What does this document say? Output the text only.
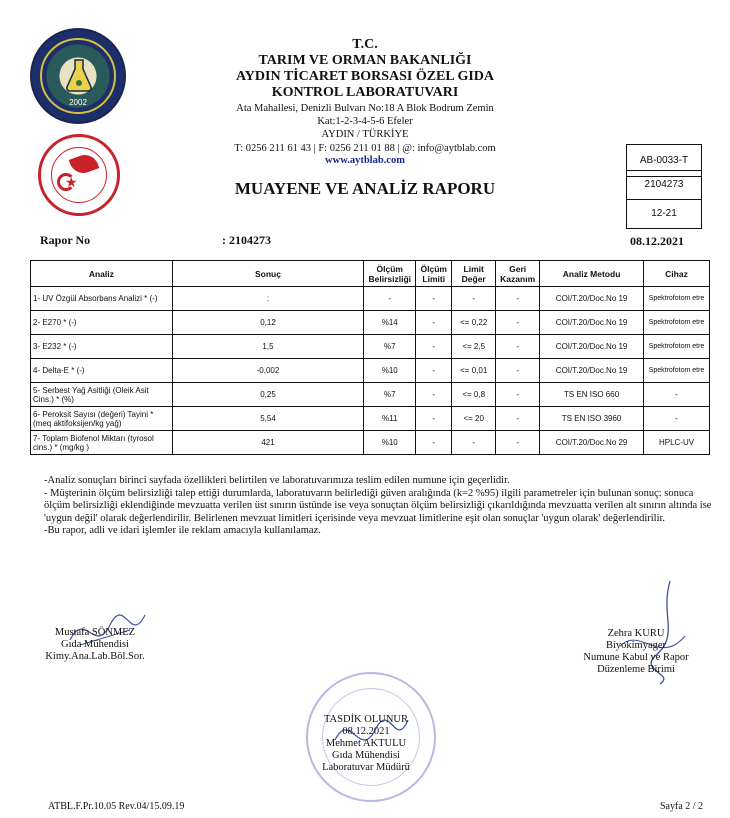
2002
★
T.C.
TARIM VE ORMAN BAKANLIĞI
AYDIN TİCARET BORSASI ÖZEL GIDA
KONTROL LABORATUVARI
Ata Mahallesi, Denizli Bulvarı No:18 A Blok Bodrum Zemin
Kat:1-2-3-4-5-6 Efeler
AYDIN / TÜRKİYE
T: 0256 211 61 43 | F: 0256 211 01 88 | @: info@aytblab.com
www.aytblab.com
MUAYENE VE ANALİZ RAPORU
AB-0033-T
2104273
12-21
Rapor No	: 2104273	08.12.2021
Analiz	Sonuç	Ölçüm Belirsizliği	Ölçüm Limiti	Limit Değer	Geri Kazanım	Analiz Metodu	Cihaz
1- UV Özgül Absorbans Analizi * (-)	:	-	-	-	-	COI/T.20/Doc.No 19	Spektrofotom etre
2- E270 * (-)	0,12	%14	-	<= 0,22	-	COI/T.20/Doc.No 19	Spektrofotom etre
3- E232 * (-)	1,5	%7	-	<= 2,5	-	COI/T.20/Doc.No 19	Spektrofotom etre
4- Delta-E * (-)	-0,002	%10	-	<= 0,01	-	COI/T.20/Doc.No 19	Spektrofotom etre
5- Serbest Yağ Asitliği (Oleik Asit Cins.) * (%)	0,25	%7	-	<= 0,8	-	TS EN ISO 660	-
6- Peroksit Sayısı (değeri) Tayini * (meq aktifoksijen/kg yağ)	5,54	%11	-	<= 20	-	TS EN ISO 3960	-
7- Toplam Biofenol Miktarı (tyrosol cins.) * (mg/kg )	421	%10	-	-	-	COI/T.20/Doc.No 29	HPLC-UV

-Analiz sonuçları birinci sayfada özellikleri belirtilen ve laboratuvarımıza teslim edilen numune için geçerlidir.

- Müşterinin ölçüm belirsizliği talep ettiği durumlarda, laboratuvarın belirlediği güven aralığında (k=2 %95) ilgili parametreler için bulunan sonuç: sonuca ölçüm belirsizliği eklendiğinde mevzuatta verilen üst sınırın üstünde ise veya sonuçtan ölçüm belirsizliği çıkarıldığında mevzuatta verilen alt sınırın altında ise 'uygun değil' olarak değerlendirilir. Belirlenen mevzuat limitleri içerisinde veya mevzuat limitlerine eşit olan sonuçlar 'uygun olarak' değerlendirilir.

-Bu rapor, adli ve idari işlemler ile reklam amacıyla kullanılamaz.

Mustafa SÖNMEZ
Gıda Mühendisi
Kimy.Ana.Lab.Böl.Sor.
Zehra KURU
Biyokimyager
Numune Kabul ve Rapor
Düzenleme Birimi
TASDİK OLUNUR
08.12.2021
Mehmet AKTULU
Gıda Mühendisi
Laboratuvar Müdürü
ATBL.F.Pr.10.05 Rev.04/15.09.19	Sayfa 2 / 2
